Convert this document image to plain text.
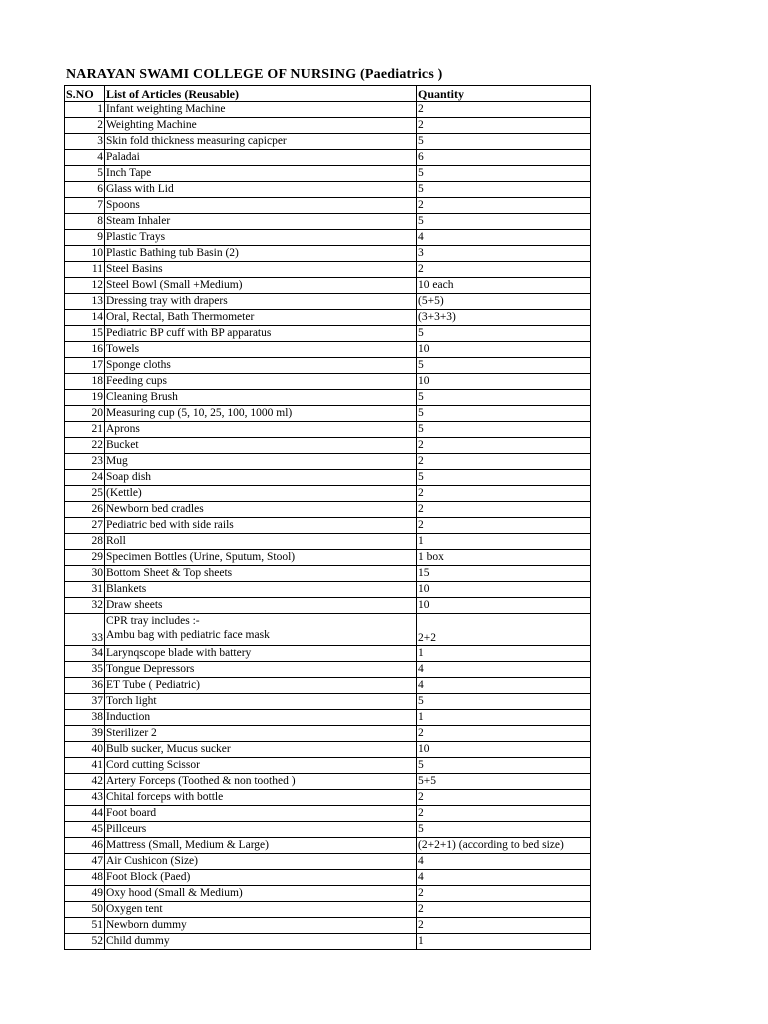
NARAYAN SWAMI COLLEGE OF NURSING (Paediatrics )
S.NO	List of Articles (Reusable)	Quantity
1	Infant weighting Machine	2
2	Weighting Machine	2
3	Skin fold thickness measuring capicper	5
4	Paladai	6
5	Inch Tape	5
6	Glass with Lid	5
7	Spoons	2
8	Steam Inhaler	5
9	Plastic Trays	4
10	Plastic Bathing tub Basin (2)	3
11	Steel Basins	2
12	Steel Bowl (Small +Medium)	10 each
13	Dressing tray with drapers	(5+5)
14	Oral, Rectal, Bath Thermometer	(3+3+3)
15	Pediatric BP cuff with BP apparatus	5
16	Towels	10
17	Sponge cloths	5
18	Feeding cups	10
19	Cleaning Brush	5
20	Measuring cup (5, 10, 25, 100, 1000 ml)	5
21	Aprons	5
22	Bucket	2
23	Mug	2
24	Soap dish	5
25	(Kettle)	2
26	Newborn bed cradles	2
27	Pediatric bed with side rails	2
28	Roll	1
29	Specimen Bottles (Urine, Sputum, Stool)	1 box
30	Bottom Sheet & Top sheets	15
31	Blankets	10
32	Draw sheets	10
33	CPR tray includes :-
Ambu bag with pediatric face mask	2+2
34	Larynqscope blade with battery	1
35	Tongue Depressors	4
36	ET Tube ( Pediatric)	4
37	Torch light	5
38	Induction	1
39	Sterilizer 2	2
40	Bulb sucker, Mucus sucker	10
41	Cord cutting Scissor	5
42	Artery Forceps (Toothed & non toothed )	5+5
43	Chital forceps with bottle	2
44	Foot board	2
45	Pillceurs	5
46	Mattress (Small, Medium & Large)	(2+2+1) (according to bed size)
47	Air Cushicon (Size)	4
48	Foot Block (Paed)	4
49	Oxy hood (Small & Medium)	2
50	Oxygen tent	2
51	Newborn dummy	2
52	Child dummy	1
